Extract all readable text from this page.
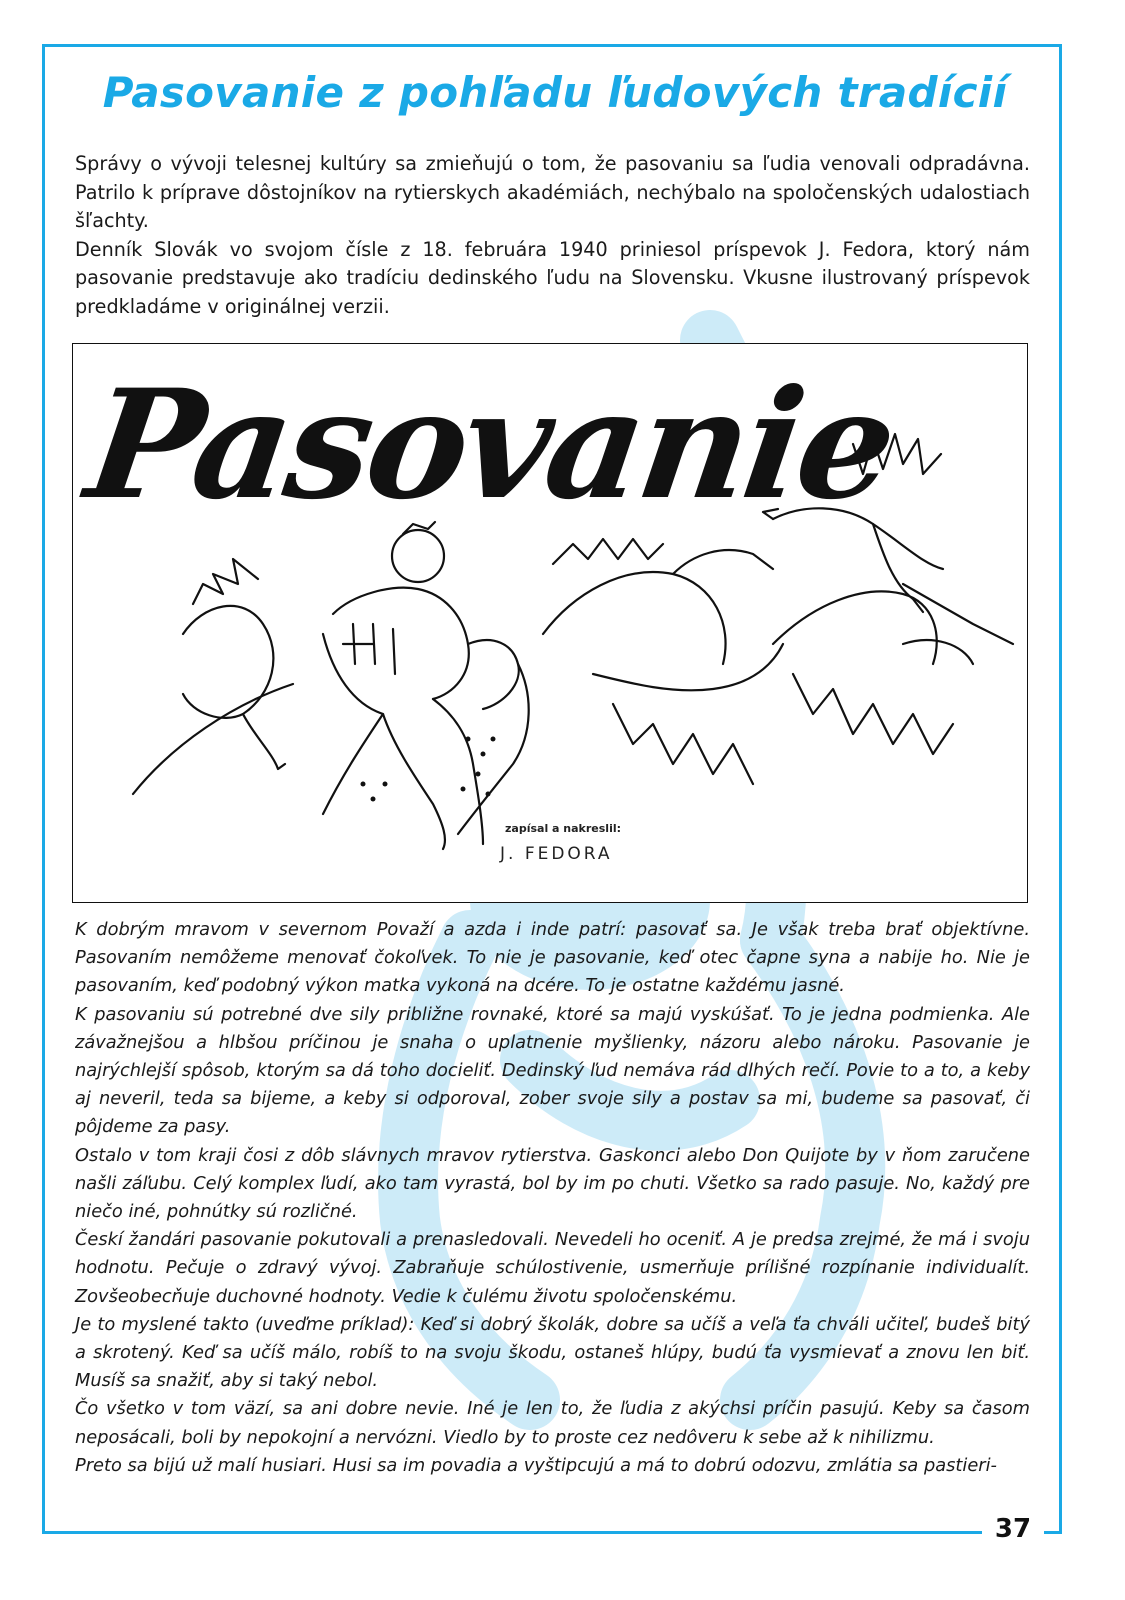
Pasovanie z pohľadu ľudových tradícií

Správy o vývoji telesnej kultúry sa zmieňujú o tom, že pasovaniu sa ľudia venovali odpradávna. Patrilo k príprave dôstojníkov na rytierskych akadémiách, nechýbalo na spoločenských udalostiach šľachty.

Denník Slovák vo svojom čísle z 18. februára 1940 priniesol príspevok J. Fedora, ktorý nám pasovanie predstavuje ako tradíciu dedinského ľudu na Slovensku. Vkusne ilustrovaný príspevok predkladáme v originálnej verzii.

Pasovanie
zapísal a nakreslil:
J. FEDORA

K dobrým mravom v severnom Považí a azda i inde patrí: pasovať sa. Je však treba brať objektívne. Pasovaním nemôžeme menovať čokoľvek. To nie je pasovanie, keď otec čapne syna a nabije ho. Nie je pasovaním, keď podobný výkon matka vykoná na dcére. To je ostatne každému jasné.

K pasovaniu sú potrebné dve sily približne rovnaké, ktoré sa majú vyskúšať. To je jedna podmienka. Ale závažnejšou a hlbšou príčinou je snaha o uplatnenie myšlienky, názoru alebo nároku. Pasovanie je najrýchlejší spôsob, ktorým sa dá toho docieliť. Dedinský ľud nemáva rád dlhých rečí. Povie to a to, a keby aj neveril, teda sa bijeme, a keby si odporoval, zober svoje sily a postav sa mi, budeme sa pasovať, či pôjdeme za pasy.

Ostalo v tom kraji čosi z dôb slávnych mravov rytierstva. Gaskonci alebo Don Quijote by v ňom zaručene našli záľubu. Celý komplex ľudí, ako tam vyrastá, bol by im po chuti. Všetko sa rado pasuje. No, každý pre niečo iné, pohnútky sú rozličné.

Českí žandári pasovanie pokutovali a prenasledovali. Nevedeli ho oceniť. A je predsa zrejmé, že má i svoju hodnotu. Pečuje o zdravý vývoj. Zabraňuje schúlostivenie, usmerňuje prílišné rozpínanie individualít. Zovšeobecňuje duchovné hodnoty. Vedie k čulému životu spoločenskému.

Je to myslené takto (uveďme príklad): Keď si dobrý školák, dobre sa učíš a veľa ťa chváli učiteľ, budeš bitý a skrotený. Keď sa učíš málo, robíš to na svoju škodu, ostaneš hlúpy, budú ťa vysmievať a znovu len biť. Musíš sa snažiť, aby si taký nebol.

Čo všetko v tom väzí, sa ani dobre nevie. Iné je len to, že ľudia z akýchsi príčin pasujú. Keby sa časom neposácali, boli by nepokojní a nervózni. Viedlo by to proste cez nedôveru k sebe až k nihilizmu.

Preto sa bijú už malí husiari. Husi sa im povadia a vyštipcujú a má to dobrú odozvu, zmlátia sa pastieri-

37
